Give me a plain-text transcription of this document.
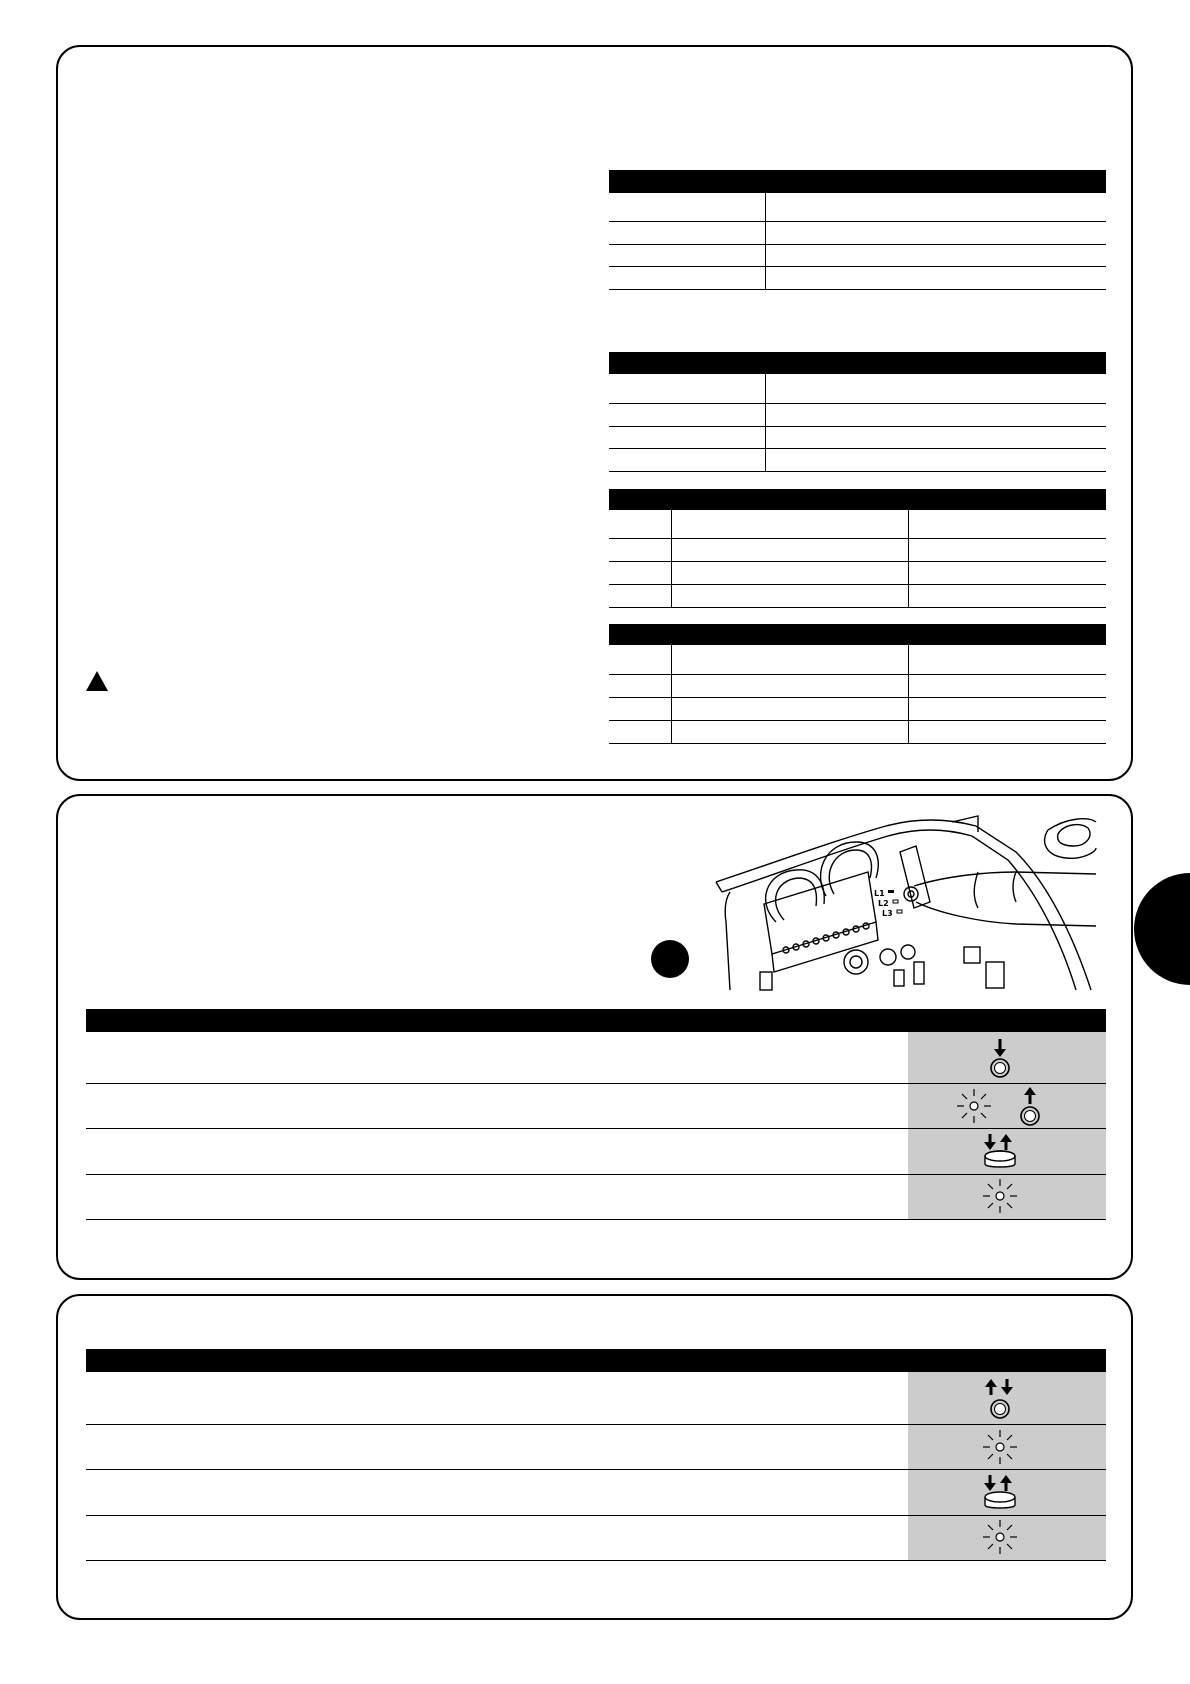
L1
L2
L3
